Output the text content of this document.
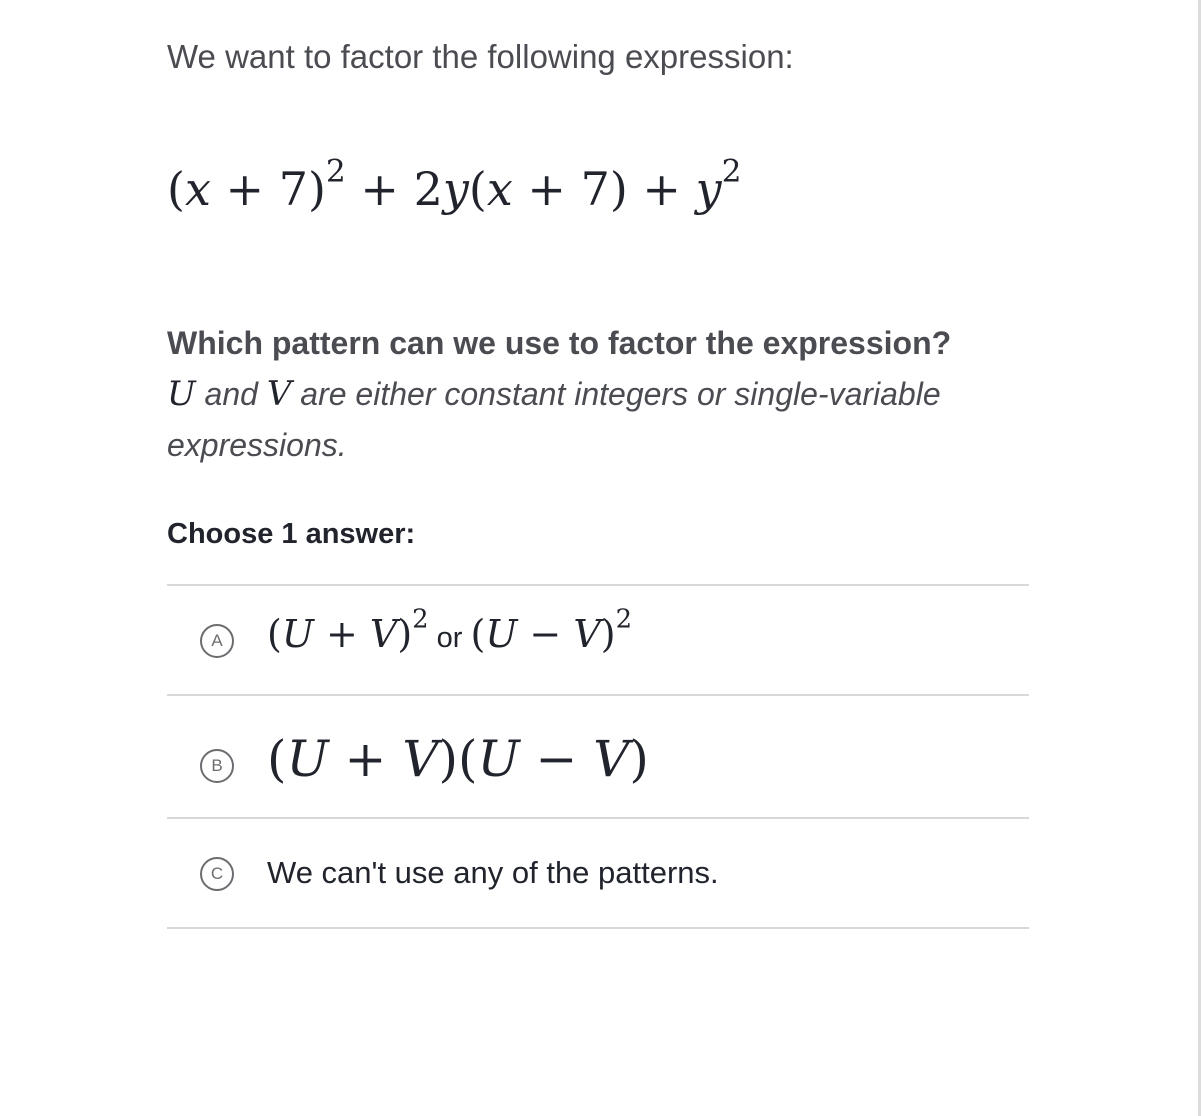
We want to factor the following expression:
$(x + 7)^2 + 2y(x + 7) + y^2$
Which pattern can we use to factor the expression?
U and V are either constant integers or single-variable expressions.
Choose 1 answer:
A $(U + V)^2$ or $(U - V)^2$
B (U + V)(U − V)
C	We can't use any of the patterns.
